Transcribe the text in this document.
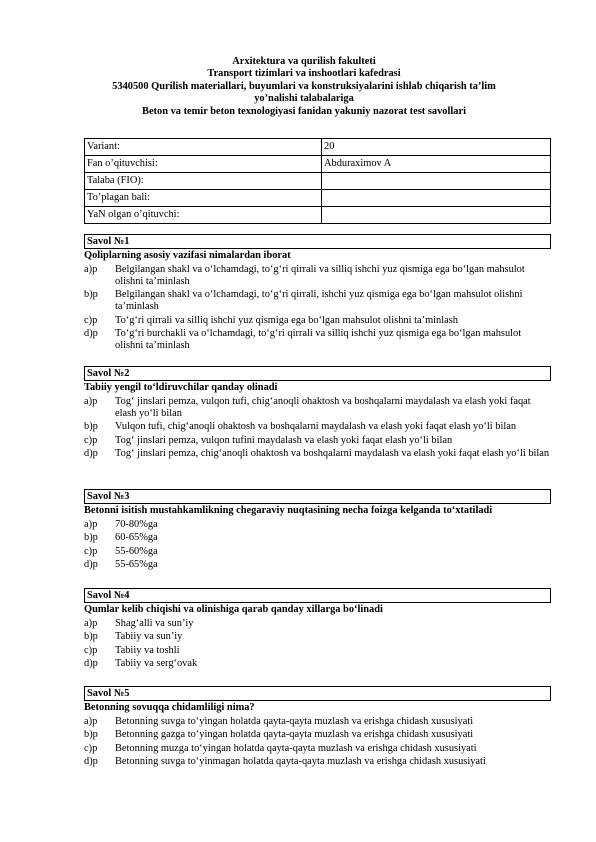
Arxitektura va qurilish fakulteti
Transport tizimlari va inshootlari kafedrasi
5340500 Qurilish materiallari, buyumlari va konstruksiyalarini ishlab chiqarish ta’lim
yo’nalishi talabalariga
Beton va temir beton texnologiyasi fanidan yakuniy nazorat test savollari
Variant:	20
Fan o’qituvchisi:	Abduraximov A
Talaba (FIO):	
To’plagan bali:	
YaN olgan o’qituvchi:	
Savol №1
Qoliplarning asosiy vazifasi nimalardan iborat
a)p	Belgilangan shakl va o‘lchamdagi, to‘g‘ri qirrali va silliq ishchi yuz qismiga ega bo‘lgan mahsulot olishni ta’minlash
b)p	Belgilangan shakl va o‘lchamdagi, to‘g‘ri qirrali, ishchi yuz qismiga ega bo‘lgan mahsulot olishni ta’minlash
c)p	To‘g‘ri qirrali va silliq ishchi yuz qismiga ega bo‘lgan mahsulot olishni ta’minlash
d)p	To‘g‘ri burchakli va o‘lchamdagi, to‘g‘ri qirrali va silliq ishchi yuz qismiga ega bo‘lgan mahsulot olishni ta’minlash
Savol №2
Tabiiy yengil to‘ldiruvchilar qanday olinadi
a)p	Tog‘ jinslari pemza, vulqon tufi, chig‘anoqli ohaktosh va boshqalarni maydalash va elash yoki faqat elash yo‘li bilan
b)p	Vulqon tufi, chig‘anoqli ohaktosh va boshqalarni maydalash va elash yoki faqat elash yo‘li bilan
c)p	Tog‘ jinslari pemza, vulqon tufini maydalash va elash yoki faqat elash yo‘li bilan
d)p	Tog‘ jinslari pemza, chig‘anoqli ohaktosh va boshqalarni maydalash va elash yoki faqat elash yo‘li bilan
Savol №3
Betonni isitish mustahkamlikning chegaraviy nuqtasining necha foizga kelganda to‘xtatiladi
a)p	70-80%ga
b)p	60-65%ga
c)p	55-60%ga
d)p	55-65%ga
Savol №4
Qumlar kelib chiqishi va olinishiga qarab qanday xillarga bo‘linadi
a)p	Shag‘alli va sun’iy
b)p	Tabiiy va sun’iy
c)p	Tabiiy va toshli
d)p	Tabiiy va serg‘ovak
Savol №5
Betonning sovuqqa chidamliligi nima?
a)p	Betonning suvga to‘yingan holatda qayta-qayta muzlash va erishga chidash xususiyati
b)p	Betonning gazga to‘yingan holatda qayta-qayta muzlash va erishga chidash xususiyati
c)p	Betonning muzga to‘yingan holatda qayta-qayta muzlash va erishga chidash xususiyati
d)p	Betonning suvga to‘yinmagan holatda qayta-qayta muzlash va erishga chidash xususiyati
